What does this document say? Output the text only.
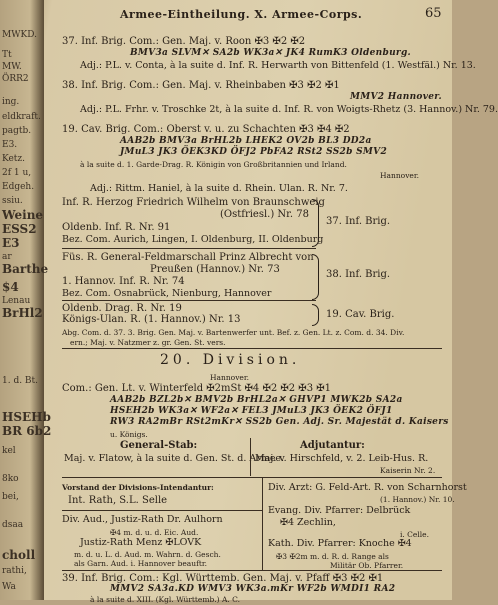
MWKD.
Tt
MW.
ÖRR2
ing.
eldkraft.
pagtb.
E3.
Ketz.
2f 1 u,
Edgeh.
ssiu.
Weine
ESS2
E3
ar
Barthe
$4
Lenau
BrHl2
1. d. Bt.
HSEHb
BR 6b2
kel
8ko
bei,
dsaa
choll
rathi,
Wa
Armee-Eintheilung. X. Armee-Corps.	65
37. Inf. Brig. Com.: Gen. Maj. v. Roon ✠3 ✠2 ✠2
BMV3a SLVM✕ SA2b WK3a✕ JK4 RumK3 Oldenburg.
Adj.: P.L. v. Conta, à la suite d. Inf. R. Herwarth von Bittenfeld (1. Westfäl.) Nr. 13.
38. Inf. Brig. Com.: Gen. Maj. v. Rheinbaben ✠3 ✠2 ✠1
MMV2 Hannover.
Adj.: P.L. Frhr. v. Troschke 2t, à la suite d. Inf. R. von Woigts-Rhetz (3. Hannov.) Nr. 79.
19. Cav. Brig. Com.: Oberst v. u. zu Schachten ✠3 ✠4 ✠2
AAB2b BMV3a BrHL2b LHEK2 OV2b BL3 DD2a
JMuL3 JK3 ÖEK3KD ÖFJ2 PbFA2 RSt2 SS2b SMV2
à la suite d. 1. Garde-Drag. R. Königin von Großbritannien und Irland.
Hannover.
Adj.: Rittm. Haniel, à la suite d. Rhein. Ulan. R. Nr. 7.
Inf. R. Herzog Friedrich Wilhelm von Braunschweig
(Ostfriesl.) Nr. 78
Oldenb. Inf. R. Nr. 91
Bez. Com. Aurich, Lingen, I. Oldenburg, II. Oldenburg
37. Inf. Brig.
Füs. R. General-Feldmarschall Prinz Albrecht von
Preußen (Hannov.) Nr. 73
1. Hannov. Inf. R. Nr. 74
Bez. Com. Osnabrück, Nienburg, Hannover
38. Inf. Brig.
Oldenb. Drag. R. Nr. 19
Königs-Ulan. R. (1. Hannov.) Nr. 13	19. Cav. Brig.
Abg. Com. d. 37. 3. Brig. Gen. Maj. v. Bartenwerfer unt. Bef. z. Gen. Lt. z. Com. d. 34. Div.
ern.; Maj. v. Natzmer z. gr. Gen. St. vers.
20. Division.
Hannover.
Com.: Gen. Lt. v. Winterfeld ✠2mSt ✠4 ✠2 ✠2 ✠3 ✠1
AAB2b BZL2b✕ BMV2b BrHL2a✕ GHVP1 MWK2b SA2a
HSEH2b WK3a✕ WF2a✕ FEL3 JMuL3 JK3 ÖEK2 ÖFJ1
RW3 RA2mBr RSt2mKr✕ SS2b Gen. Adj. Sr. Majestät d. Kaisers
u. Königs.
General-Stab:
Maj. v. Flatow, à la suite d. Gen. St. d. Armee.
Adjutantur:
Maj. v. Hirschfeld, v. 2. Leib-Hus. R.
Kaiserin Nr. 2.
Vorstand der Divisions-Intendantur:
Int. Rath, S.L. Selle
Div. Aud., Justiz-Rath Dr. Aulhorn
✠4 m. d. u. d. Eic. Aud.
Justiz-Rath Menz ✠LOVK
m. d. u. L. d. Aud. m. Wahrn. d. Gesch.
als Garn. Aud. i. Hannover beauftr.
Div. Arzt: G. Feld-Art. R. von Scharnhorst
(1. Hannov.) Nr. 10.
Evang. Div. Pfarrer: Delbrück
✠4 Zechlin,
i. Celle.
Kath. Div. Pfarrer: Knoche ✠4
✠3 ✠2m m. d. R. d. Range als
Militär Ob. Pfarrer.
39. Inf. Brig. Com.: Kgl. Württemb. Gen. Maj. v. Pfaff ✠3 ✠2 ✠1
MMV2 SA3a.KD WMV3 WK3a.mKr WF2b WMDI1 RA2
à la suite d. XIII. (Kgl. Württemb.) A. C.
